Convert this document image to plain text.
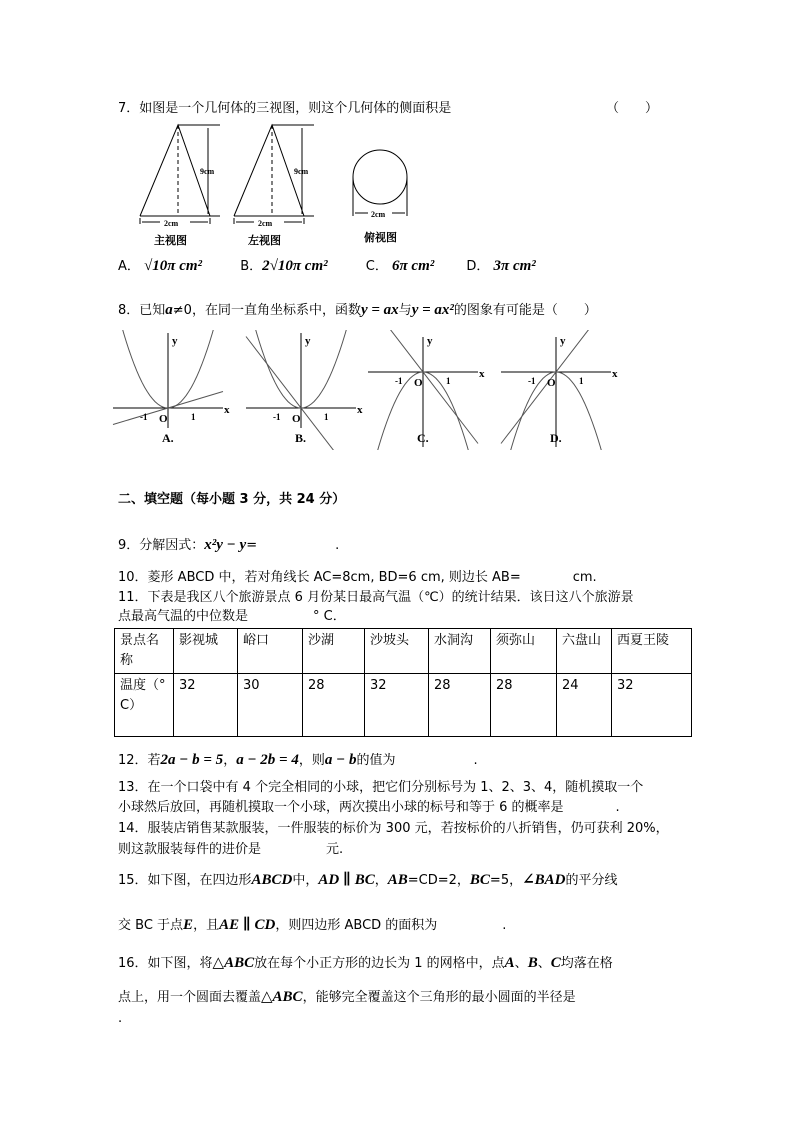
7．如图是一个几何体的三视图，则这个几何体的侧面积是	（　　）
9cm	9cm
2cm	2cm
2cm
主视图	左视图	俯视图
A． √10π cm²	B．2√10π cm²	C． 6π cm² D． 3π cm²
8．已知a≠0，在同一直角坐标系中，函数y = ax与y = ax²的图象有可能是（　　）
-1	1
O
y
x
A.
-1	1
O
y
x
B.
-1	1
O
y
x
C.
-1	1
O
y
x
D.
二、填空题（每小题 3 分，共 24 分）
9．分解因式：x²y − y=　　　　　　.
10．菱形 ABCD 中，若对角线长 AC=8cm, BD=6 cm, 则边长 AB=　　　　cm.
11．下表是我区八个旅游景点 6 月份某日最高气温（℃）的统计结果．该日这八个旅游景
点最高气温的中位数是　　　　　° C．
景点名称	影视城	峪口	沙湖	沙坡头	水洞沟	须弥山	六盘山	西夏王陵
温度（° C）	32	30	28	32	28	28	24	32
12．若2a − b = 5，a − 2b = 4，则a − b的值为　　　　　　.
13．在一个口袋中有 4 个完全相同的小球，把它们分别标号为 1、2、3、4，随机摸取一个
小球然后放回，再随机摸取一个小球，两次摸出小球的标号和等于 6 的概率是　　　　.
14．服装店销售某款服装，一件服装的标价为 300 元，若按标价的八折销售，仍可获利 20%，
则这款服装每件的进价是　　　　　元.
15．如下图，在四边形ABCD中，AD ∥ BC，AB=CD=2，BC=5，∠BAD的平分线
交 BC 于点E，且AE ∥ CD，则四边形 ABCD 的面积为　　　　　.
16．如下图，将△ABC放在每个小正方形的边长为 1 的网格中，点A、B、C均落在格
点上，用一个圆面去覆盖△ABC，能够完全覆盖这个三角形的最小圆面的半径是
.
